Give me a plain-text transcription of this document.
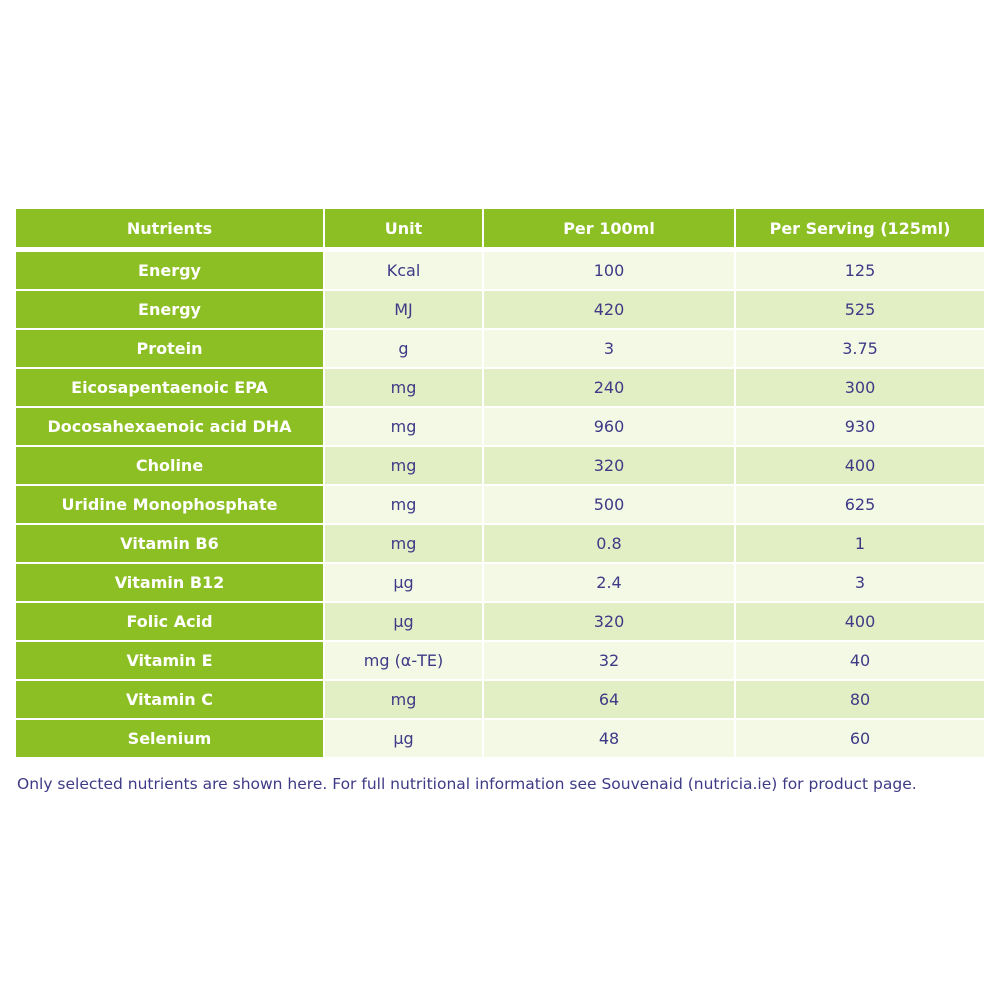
Nutrients	Unit	Per 100ml	Per Serving (125ml)
Energy	Kcal	100	125
Energy	MJ	420	525
Protein	g	3	3.75
Eicosapentaenoic EPA	mg	240	300
Docosahexaenoic acid DHA	mg	960	930
Choline	mg	320	400
Uridine Monophosphate	mg	500	625
Vitamin B6	mg	0.8	1
Vitamin B12	μg	2.4	3
Folic Acid	μg	320	400
Vitamin E	mg (α-TE)	32	40
Vitamin C	mg	64	80
Selenium	μg	48	60
Only selected nutrients are shown here. For full nutritional information see Souvenaid (nutricia.ie) for product page.
